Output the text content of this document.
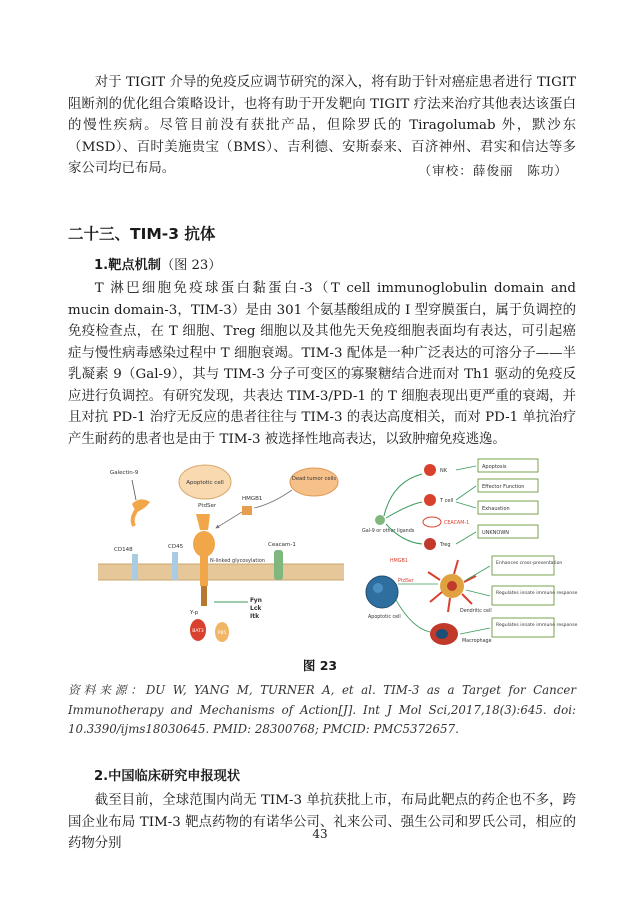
对于 TIGIT 介导的免疫反应调节研究的深入，将有助于针对癌症患者进行 TIGIT 阻断剂的优化组合策略设计，也将有助于开发靶向 TIGIT 疗法来治疗其他表达该蛋白的慢性疾病。尽管目前没有获批产品，但除罗氏的 Tiragolumab 外，默沙东（MSD）、百时美施贵宝（BMS）、吉利德、安斯泰来、百济神州、君实和信达等多家公司均已布局。	（审校：薛俊丽　陈功）
二十三、TIM-3 抗体
1.靶点机制（图 23）

T 淋巴细胞免疫球蛋白黏蛋白-3（T cell immunoglobulin domain and mucin domain-3，TIM-3）是由 301 个氨基酸组成的 I 型穿膜蛋白，属于负调控的免疫检查点，在 T 细胞、Treg 细胞以及其他先天免疫细胞表面均有表达，可引起癌症与慢性病毒感染过程中 T 细胞衰竭。TIM-3 配体是一种广泛表达的可溶分子——半乳凝素 9（Gal-9），其与 TIM-3 分子可变区的寡聚糖结合进而对 Th1 驱动的免疫反应进行负调控。有研究发现，共表达 TIM-3/PD-1 的 T 细胞表现出更严重的衰竭，并且对抗 PD-1 治疗无反应的患者往往与 TIM-3 的表达高度相关，而对 PD-1 单抗治疗产生耐药的患者也是由于 TIM-3 被选择性地高表达，以致肿瘤免疫逃逸。

Apoptotic cell
PtdSer
Galectin-9
HMGB1
Dead tumor cells
CD148	CD45
N-linked glycosylation
Ceacam-1
Fyn
Lck
Itk
Y-p
BAT3	P85
Gal-9 or other ligands
NK
T cell
CEACAM-1
Treg
Apoptosis
Effector Function
Exhaustion
UNKNOWN
Apoptotic cell
HMGB1
PtdSer
Dendritic cell
Macrophage
Enhances cross-presentation
Regulates innate immune response
Regulates innate immune response
图 23

资料来源：DU W, YANG M, TURNER A, et al. TIM-3 as a Target for Cancer Immunotherapy and Mechanisms of Action[J]. Int J Mol Sci,2017,18(3):645. doi: 10.3390/ijms18030645. PMID: 28300768; PMCID: PMC5372657.

2.中国临床研究申报现状

截至目前，全球范围内尚无 TIM-3 单抗获批上市，布局此靶点的药企也不多，跨国企业布局 TIM-3 靶点药物的有诺华公司、礼来公司、强生公司和罗氏公司，相应的药物分别

43
